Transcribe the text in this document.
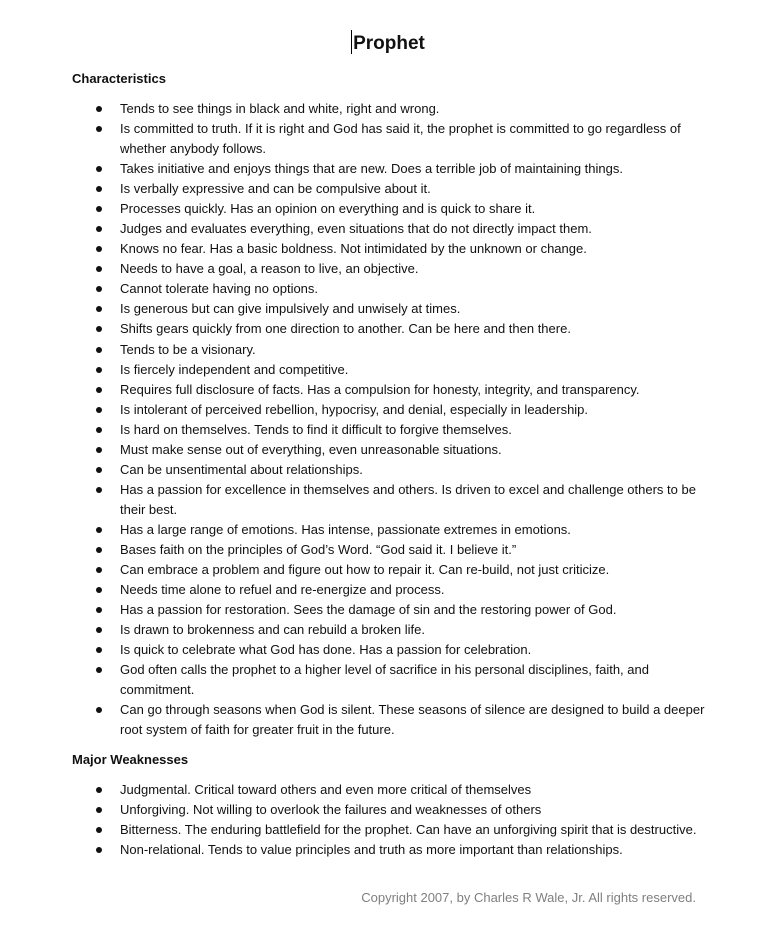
Prophet
Characteristics
Tends to see things in black and white, right and wrong.
Is committed to truth. If it is right and God has said it, the prophet is committed to go regardless of whether anybody follows.
Takes initiative and enjoys things that are new. Does a terrible job of maintaining things.
Is verbally expressive and can be compulsive about it.
Processes quickly. Has an opinion on everything and is quick to share it.
Judges and evaluates everything, even situations that do not directly impact them.
Knows no fear. Has a basic boldness. Not intimidated by the unknown or change.
Needs to have a goal, a reason to live, an objective.
Cannot tolerate having no options.
Is generous but can give impulsively and unwisely at times.
Shifts gears quickly from one direction to another. Can be here and then there.
Tends to be a visionary.
Is fiercely independent and competitive.
Requires full disclosure of facts. Has a compulsion for honesty, integrity, and transparency.
Is intolerant of perceived rebellion, hypocrisy, and denial, especially in leadership.
Is hard on themselves. Tends to find it difficult to forgive themselves.
Must make sense out of everything, even unreasonable situations.
Can be unsentimental about relationships.
Has a passion for excellence in themselves and others. Is driven to excel and challenge others to be their best.
Has a large range of emotions. Has intense, passionate extremes in emotions.
Bases faith on the principles of God’s Word. “God said it. I believe it.”
Can embrace a problem and figure out how to repair it. Can re-build, not just criticize.
Needs time alone to refuel and re-energize and process.
Has a passion for restoration. Sees the damage of sin and the restoring power of God.
Is drawn to brokenness and can rebuild a broken life.
Is quick to celebrate what God has done. Has a passion for celebration.
God often calls the prophet to a higher level of sacrifice in his personal disciplines, faith, and commitment.
Can go through seasons when God is silent. These seasons of silence are designed to build a deeper root system of faith for greater fruit in the future.
Major Weaknesses
Judgmental. Critical toward others and even more critical of themselves
Unforgiving. Not willing to overlook the failures and weaknesses of others
Bitterness. The enduring battlefield for the prophet. Can have an unforgiving spirit that is destructive.
Non-relational. Tends to value principles and truth as more important than relationships.
Copyright 2007, by Charles R Wale, Jr. All rights reserved.
